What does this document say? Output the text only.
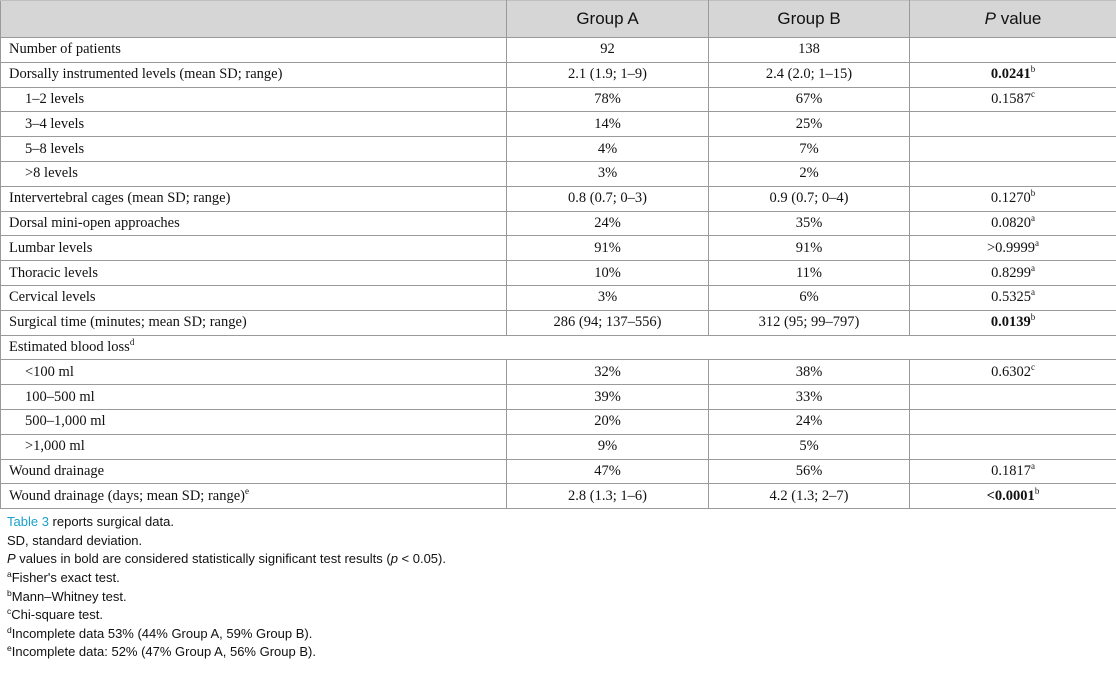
	Group A	Group B	P value
Number of patients	92	138	
Dorsally instrumented levels (mean SD; range)	2.1 (1.9; 1–9)	2.4 (2.0; 1–15)	0.0241$^b$
1–2 levels	78%	67%	0.1587$^c$
3–4 levels	14%	25%	
5–8 levels	4%	7%	
>8 levels	3%	2%	
Intervertebral cages (mean SD; range)	0.8 (0.7; 0–3)	0.9 (0.7; 0–4)	0.1270$^b$
Dorsal mini-open approaches	24%	35%	0.0820$^a$
Lumbar levels	91%	91%	>0.9999$^a$
Thoracic levels	10%	11%	0.8299$^a$
Cervical levels	3%	6%	0.5325$^a$
Surgical time (minutes; mean SD; range)	286 (94; 137–556)	312 (95; 99–797)	0.0139$^b$
Estimated blood loss$^d$
<100 ml	32%	38%	0.6302$^c$
100–500 ml	39%	33%	
500–1,000 ml	20%	24%	
>1,000 ml	9%	5%	
Wound drainage	47%	56%	0.1817$^a$
Wound drainage (days; mean SD; range)$^e$	2.8 (1.3; 1–6)	4.2 (1.3; 2–7)	<0.0001$^b$
Table 3 reports surgical data.
SD, standard deviation.
P values in bold are considered statistically significant test results (p < 0.05).
$^a$Fisher's exact test.
$^b$Mann–Whitney test.
$^c$Chi-square test.
$^d$Incomplete data 53% (44% Group A, 59% Group B).
$^e$Incomplete data: 52% (47% Group A, 56% Group B).
